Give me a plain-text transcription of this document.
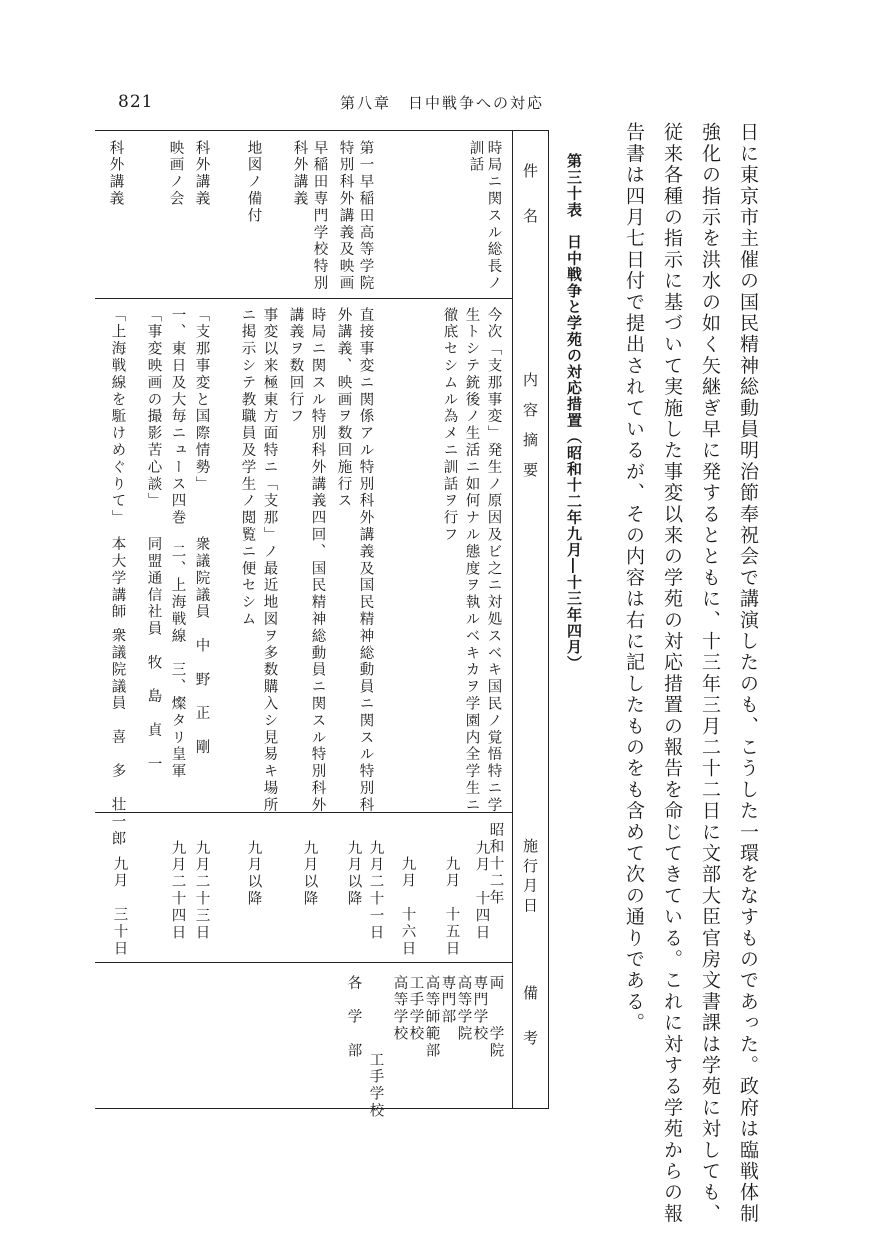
821	第八章　日中戦争への対応
日に東京市主催の国民精神総動員明治節奉祝会で講演したのも、こうした一環をなすものであった。政府は臨戦体制
強化の指示を洪水の如く矢継ぎ早に発するとともに、十三年三月二十二日に文部大臣官房文書課は学苑に対しても、
従来各種の指示に基づいて実施した事変以来の学苑の対応措置の報告を命じてきている。これに対する学苑からの報
告書は四月七日付で提出されているが、その内容は右に記したものをも含めて次の通りである。
第三十表　日中戦争と学苑の対応措置（昭和十二年九月―十三年四月）
件　　名
内　容　摘　要
施 行 月 日
備　　考
時局ニ関スル総長ノ
訓話
今次「支那事変」発生ノ原因及ビ之ニ対処スベキ国民ノ覚悟特ニ学
生トシテ銃後ノ生活ニ如何ナル態度ヲ執ルベキカヲ学園内全学生ニ
徹底セシムル為メニ訓話ヲ行フ
昭和十二年
九月　十四日
九月　十五日
九月　十六日
両　　学院
専門学校
高等学院
専門部
高等師範部
工手学校
高等学校
第一早稲田高等学院
特別科外講義及映画
直接事変ニ関係アル特別科外講義及国民精神総動員ニ関スル特別科
外講義、映画ヲ数回施行ス
九月二十一日
九月以降
工手学校
各　学　部
早稲田専門学校特別
科外講義
時局ニ関スル特別科外講義四回、国民精神総動員ニ関スル特別科外
講義ヲ数回行フ
九月以降
地図ノ備付
事変以来極東方面特ニ「支那」ノ最近地図ヲ多数購入シ見易キ場所
ニ掲示シテ教職員及学生ノ閲覧ニ便セシム
九月以降
科外講義
「支那事変と国際情勢」　　　衆議院議員　中　野　正　剛
九月二十三日
映画ノ会
一、東日及大毎ニュース四巻　二、上海戦線　三、燦タリ皇軍
「事変映画の撮影苦心談」　　同盟通信社員　牧　島　貞　一
九月二十四日
科外講義
「上海戦線を駈けめぐりて」　本大学講師 衆議院議員　喜　多　壮一郎
九月　三十日
